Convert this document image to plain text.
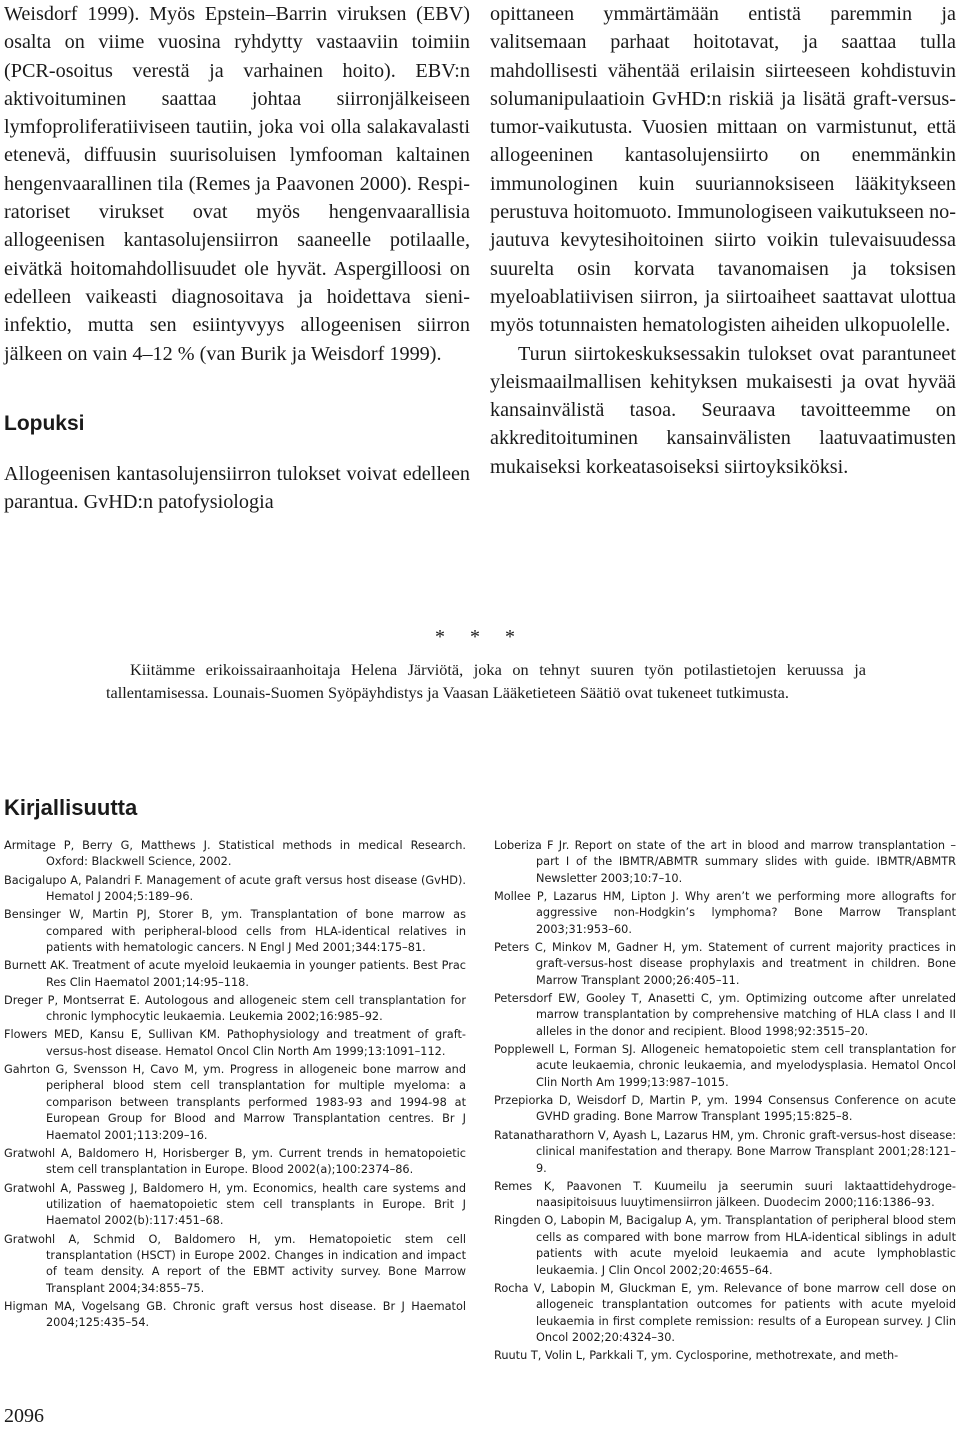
Weisdorf 1999). Myös Epstein–Barrin viruksen (EBV) osalta on viime vuosina ryhdytty vastaaviin toimiin (PCR-osoitus verestä ja varhainen hoito). EBV:n aktivoituminen saattaa johtaa siirronjälkeiseen lymfoproliferatiiviseen tautiin, joka voi olla salakavalasti etenevä, diffuusin suurisoluisen lymfooman kaltainen hengenvaarallinen tila (Remes ja Paavonen 2000). Respiratoriset virukset ovat myös hengenvaarallisia allogeenisen kantasolujensiirron saaneelle potilaalle, eivätkä hoitomahdollisuudet ole hyvät. Aspergilloosi on edelleen vaikeasti diagnosoitava ja hoidettava sieni-infektio, mutta sen esiintyvyys allogeenisen siirron jälkeen on vain 4–12 % (van Burik ja Weisdorf 1999).

Lopuksi

Allogeenisen kantasolujensiirron tulokset voivat edelleen parantua. GvHD:n patofysiologia

opittaneen ymmärtämään entistä paremmin ja valitsemaan parhaat hoitotavat, ja saattaa tulla mahdollisesti vähentää erilaisin siirteeseen kohdistuvin solumanipulaatioin GvHD:n riskiä ja lisätä graft-versus-tumor-vaikutusta. Vuosien mittaan on varmistunut, että allogeeninen kantasolujensiirto on enemmänkin immunologinen kuin suuriannoksiseen lääkitykseen perustuva hoitomuoto. Immunologiseen vaikutukseen nojautuva kevytesihoitoinen siirto voikin tulevaisuudessa suurelta osin korvata tavanomaisen ja toksisen myeloablatiivisen siirron, ja siirtoaiheet saattavat ulottua myös totunnaisten hematologisten aiheiden ulkopuolelle.

Turun siirtokeskuksessakin tulokset ovat parantuneet yleismaailmallisen kehityksen mukaisesti ja ovat hyvää kansainvälistä tasoa. Seuraava tavoitteemme on akkreditoituminen kansainvälisten laatuvaatimusten mukaiseksi korkeatasoiseksi siirtoyksiköksi.

* * *
Kiitämme erikoissairaanhoitaja Helena Järviötä, joka on tehnyt suuren työn potilastietojen keruussa ja tallentamisessa. Lounais-Suomen Syöpäyhdistys ja Vaasan Lääketieteen Säätiö ovat tukeneet tutkimusta.
Kirjallisuutta

Armitage P, Berry G, Matthews J. Statistical methods in medical Research. Oxford: Blackwell Science, 2002.

Bacigalupo A, Palandri F. Management of acute graft versus host disease (GvHD). Hematol J 2004;5:189–96.

Bensinger W, Martin PJ, Storer B, ym. Transplantation of bone marrow as compared with peripheral-blood cells from HLA-identical relatives in patients with hematologic cancers. N Engl J Med 2001;344:175–81.

Burnett AK. Treatment of acute myeloid leukaemia in younger patients. Best Prac Res Clin Haematol 2001;14:95–118.

Dreger P, Montserrat E. Autologous and allogeneic stem cell transplantation for chronic lymphocytic leukaemia. Leukemia 2002;16:985–92.

Flowers MED, Kansu E, Sullivan KM. Pathophysiology and treatment of graft-versus-host disease. Hematol Oncol Clin North Am 1999;13:1091–112.

Gahrton G, Svensson H, Cavo M, ym. Progress in allogeneic bone marrow and peripheral blood stem cell transplantation for multiple myeloma: a comparison between transplants performed 1983-93 and 1994-98 at European Group for Blood and Marrow Transplantation centres. Br J Haematol 2001;113:209–16.

Gratwohl A, Baldomero H, Horisberger B, ym. Current trends in hematopoietic stem cell transplantation in Europe. Blood 2002(a);100:2374–86.

Gratwohl A, Passweg J, Baldomero H, ym. Economics, health care systems and utilization of haematopoietic stem cell transplants in Europe. Brit J Haematol 2002(b):117:451–68.

Gratwohl A, Schmid O, Baldomero H, ym. Hematopoietic stem cell transplantation (HSCT) in Europe 2002. Changes in indication and impact of team density. A report of the EBMT activity survey. Bone Marrow Transplant 2004;34:855–75.

Higman MA, Vogelsang GB. Chronic graft versus host disease. Br J Haematol 2004;125:435–54.

Loberiza F Jr. Report on state of the art in blood and marrow transplantation – part I of the IBMTR/ABMTR summary slides with guide. IBMTR/ABMTR Newsletter 2003;10:7–10.

Mollee P, Lazarus HM, Lipton J. Why aren’t we performing more allografts for aggressive non-Hodgkin’s lymphoma? Bone Marrow Transplant 2003;31:953–60.

Peters C, Minkov M, Gadner H, ym. Statement of current majority practices in graft-versus-host disease prophylaxis and treatment in children. Bone Marrow Transplant 2000;26:405–11.

Petersdorf EW, Gooley T, Anasetti C, ym. Optimizing outcome after unrelated marrow transplantation by comprehensive matching of HLA class I and II alleles in the donor and recipient. Blood 1998;92:3515–20.

Popplewell L, Forman SJ. Allogeneic hematopoietic stem cell transplantation for acute leukaemia, chronic leukaemia, and myelodysplasia. Hematol Oncol Clin North Am 1999;13:987–1015.

Przepiorka D, Weisdorf D, Martin P, ym. 1994 Consensus Conference on acute GVHD grading. Bone Marrow Transplant 1995;15:825–8.

Ratanatharathorn V, Ayash L, Lazarus HM, ym. Chronic graft-versus-host disease: clinical manifestation and therapy. Bone Marrow Transplant 2001;28:121–9.

Remes K, Paavonen T. Kuumeilu ja seerumin suuri laktaattidehydrogenaasipitoisuus luuytimensiirron jälkeen. Duodecim 2000;116:1386–93.

Ringden O, Labopin M, Bacigalup A, ym. Transplantation of peripheral blood stem cells as compared with bone marrow from HLA-identical siblings in adult patients with acute myeloid leukaemia and acute lymphoblastic leukaemia. J Clin Oncol 2002;20:4655–64.

Rocha V, Labopin M, Gluckman E, ym. Relevance of bone marrow cell dose on allogeneic transplantation outcomes for patients with acute myeloid leukaemia in first complete remission: results of a European survey. J Clin Oncol 2002;20:4324–30.

Ruutu T, Volin L, Parkkali T, ym. Cyclosporine, methotrexate, and meth-

2096
